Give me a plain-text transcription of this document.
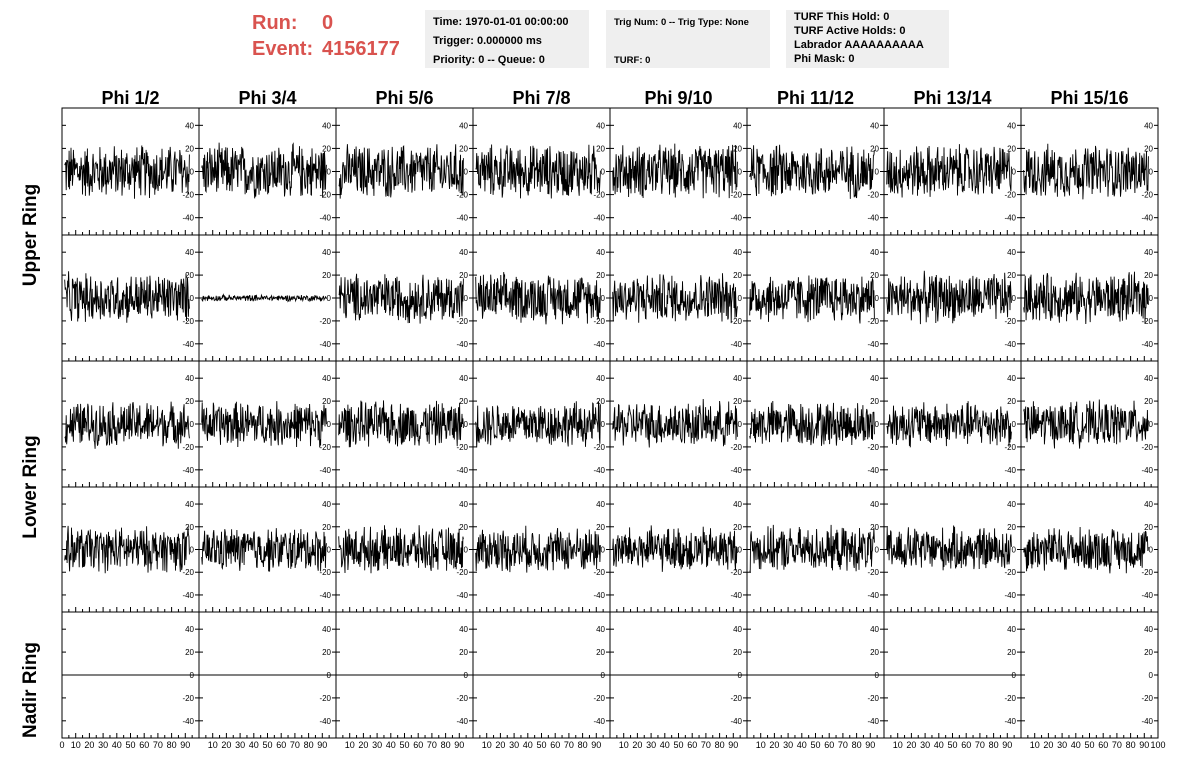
Run:	0
Event: 4156177
Time: 1970-01-01 00:00:00
Trigger: 0.000000 ms
Priority: 0 -- Queue: 0
Trig Num: 0 -- Trig Type: None
TURF: 0
TURF This Hold: 0
TURF Active Holds: 0
Labrador AAAAAAAAAA
Phi Mask: 0
Phi 1/2	Phi 3/4	Phi 5/6	Phi 7/8	Phi 9/10	Phi 11/12	Phi 13/14	Phi 15/16
Upper Ring
Lower Ring
Nadir Ring
-40
-20
0
20
40
-40
-20
0
20
40
-40
-20
0
20
40
-40
-20
0
20
40
-40
-20
0
20
40
-40
-20
0
20
40
-40
-20
0
20
40
-40
-20
0
20
40
-40
-20
0
20
40
-40
-20
0
20
40
-40
-20
0
20
40
-40
-20
0
20
40
-40
-20
0
20
40
-40
-20
0
20
40
-40
-20
0
20
40
-40
-20
0
20
40
-40
-20
0
20
40
-40
-20
0
20
40
-40
-20
0
20
40
-40
-20
0
20
40
-40
-20
0
20
40
-40
-20
0
20
40
-40
-20
0
20
40
-40
-20
0
20
40
-40
-20
0
20
40
-40
-20
0
20
40
-40
-20
0
20
40
-40
-20
0
20
40
-40
-20
0
20
40
-40
-20
0
20
40
-40
-20
0
20
40
-40
-20
0
20
40
-40
-20
0
20
40
-40
-20
0
20
40
-40
-20
0
20
40
-40
-20
0
20
40
-40
-20
0
20
40
-40
-20
0
20
40
-40
-20
0
20
40
-40
-20
0
20
40
0 10 20 30 40 50 60 70 80 90 10 20 30 40 50 60 70 80 90 10 20 30 40 50 60 70 80 90 10 20 30 40 50 60 70 80 90 10 20 30 40 50 60 70 80 90 10 20 30 40 50 60 70 80 90 10 20 30 40 50 60 70 80 90 10 20 30 40 50 60 70 80 90 100
